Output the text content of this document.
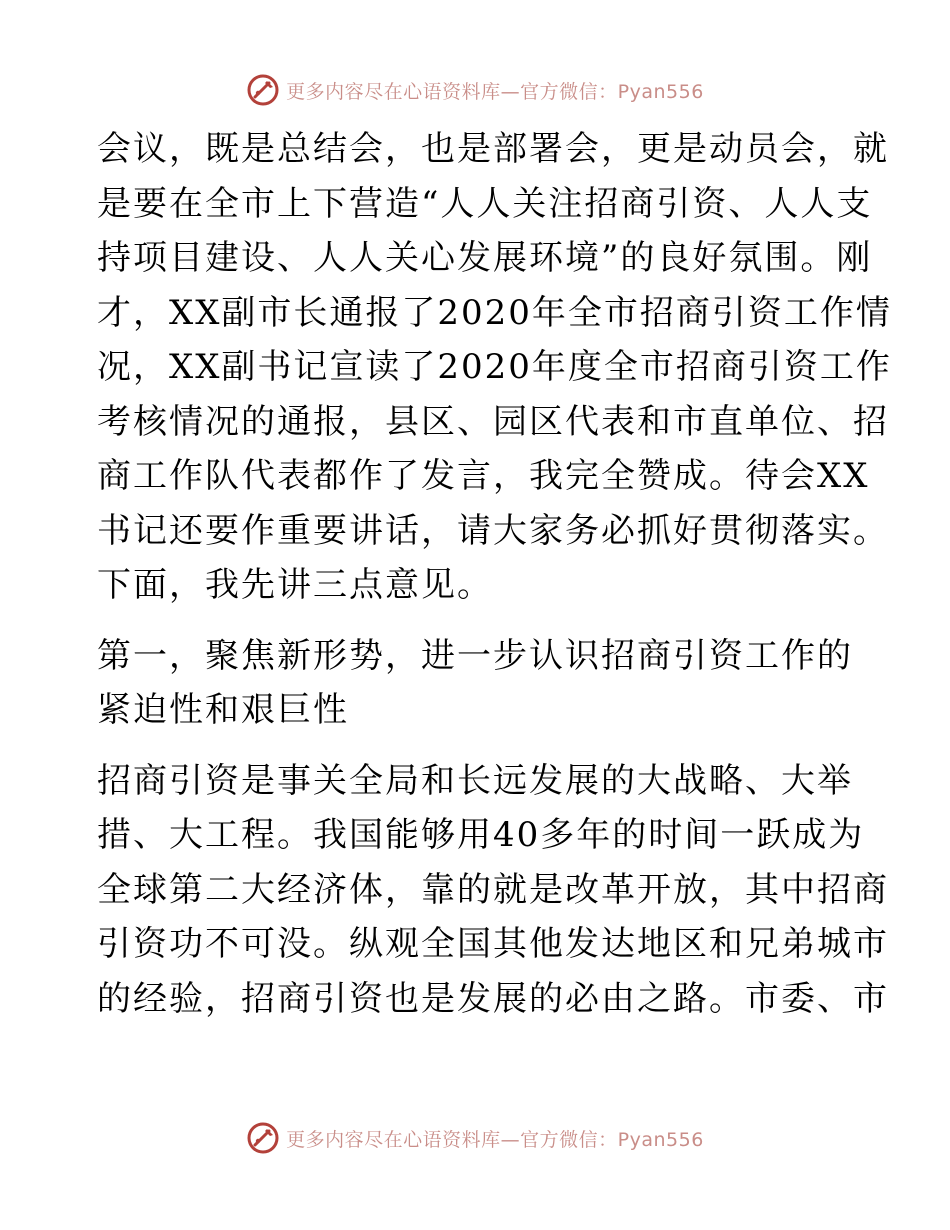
更多内容尽在心语资料库—官方微信：Pyan556
会议，既是总结会，也是部署会，更是动员会，就
是要在全市上下营造“人人关注招商引资、人人支
持项目建设、人人关心发展环境”的良好氛围。刚
才，XX副市长通报了2020年全市招商引资工作情
况，XX副书记宣读了2020年度全市招商引资工作
考核情况的通报，县区、园区代表和市直单位、招
商工作队代表都作了发言，我完全赞成。待会XX
书记还要作重要讲话，请大家务必抓好贯彻落实。
下面，我先讲三点意见。
第一，聚焦新形势，进一步认识招商引资工作的
紧迫性和艰巨性
招商引资是事关全局和长远发展的大战略、大举
措、大工程。我国能够用40多年的时间一跃成为
全球第二大经济体，靠的就是改革开放，其中招商
引资功不可没。纵观全国其他发达地区和兄弟城市
的经验，招商引资也是发展的必由之路。市委、市
更多内容尽在心语资料库—官方微信：Pyan556
